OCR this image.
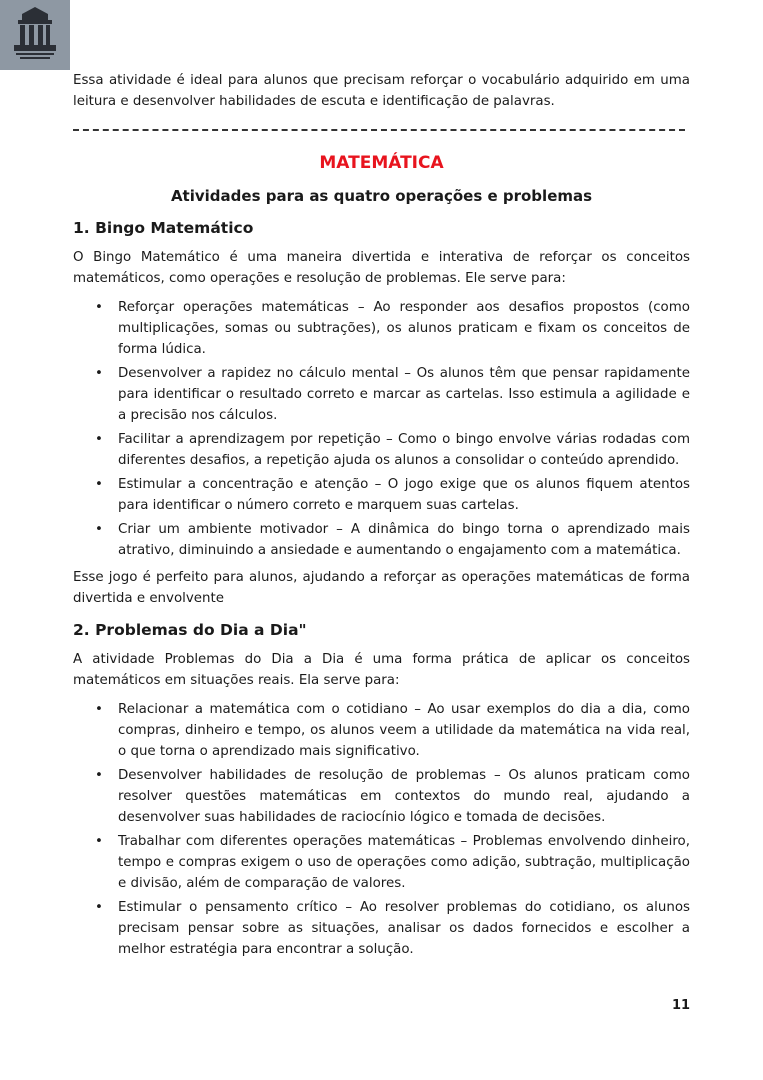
Essa atividade é ideal para alunos que precisam reforçar o vocabulário adquirido em uma leitura e desenvolver habilidades de escuta e identificação de palavras.

MATEMÁTICA
Atividades para as quatro operações e problemas
1. Bingo Matemático

O Bingo Matemático é uma maneira divertida e interativa de reforçar os conceitos matemáticos, como operações e resolução de problemas. Ele serve para:

• Reforçar operações matemáticas – Ao responder aos desafios propostos (como multiplicações, somas ou subtrações), os alunos praticam e fixam os conceitos de forma lúdica.
• Desenvolver a rapidez no cálculo mental – Os alunos têm que pensar rapidamente para identificar o resultado correto e marcar as cartelas. Isso estimula a agilidade e a precisão nos cálculos.
• Facilitar a aprendizagem por repetição – Como o bingo envolve várias rodadas com diferentes desafios, a repetição ajuda os alunos a consolidar o conteúdo aprendido.
• Estimular a concentração e atenção – O jogo exige que os alunos fiquem atentos para identificar o número correto e marquem suas cartelas.
• Criar um ambiente motivador – A dinâmica do bingo torna o aprendizado mais atrativo, diminuindo a ansiedade e aumentando o engajamento com a matemática.

Esse jogo é perfeito para alunos, ajudando a reforçar as operações matemáticas de forma divertida e envolvente

2. Problemas do Dia a Dia"

A atividade Problemas do Dia a Dia é uma forma prática de aplicar os conceitos matemáticos em situações reais. Ela serve para:

• Relacionar a matemática com o cotidiano – Ao usar exemplos do dia a dia, como compras, dinheiro e tempo, os alunos veem a utilidade da matemática na vida real, o que torna o aprendizado mais significativo.
• Desenvolver habilidades de resolução de problemas – Os alunos praticam como resolver questões matemáticas em contextos do mundo real, ajudando a desenvolver suas habilidades de raciocínio lógico e tomada de decisões.
• Trabalhar com diferentes operações matemáticas – Problemas envolvendo dinheiro, tempo e compras exigem o uso de operações como adição, subtração, multiplicação e divisão, além de comparação de valores.
• Estimular o pensamento crítico – Ao resolver problemas do cotidiano, os alunos precisam pensar sobre as situações, analisar os dados fornecidos e escolher a melhor estratégia para encontrar a solução.
11
